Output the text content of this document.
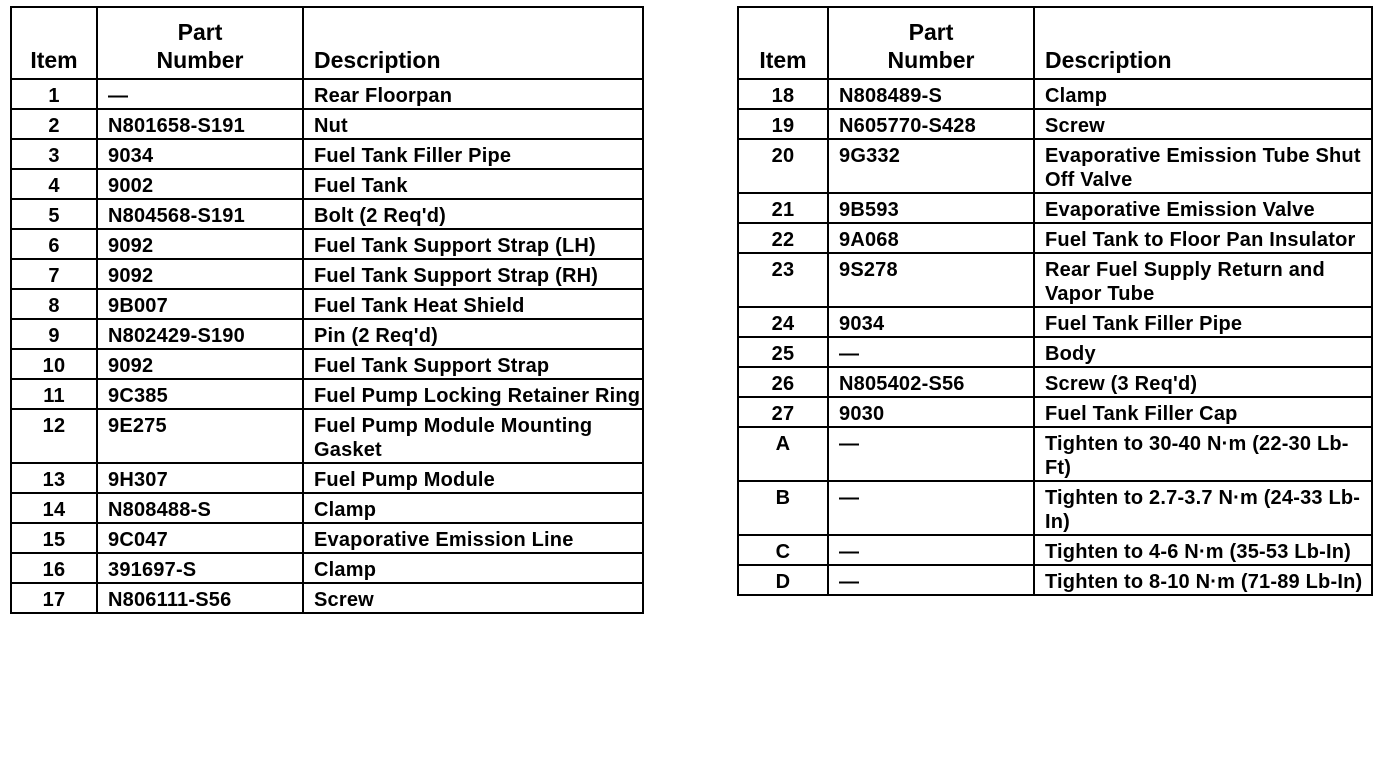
Item	Part
Number	Description
1	—	Rear Floorpan
2	N801658-S191	Nut
3	9034	Fuel Tank Filler Pipe
4	9002	Fuel Tank
5	N804568-S191	Bolt (2 Req'd)
6	9092	Fuel Tank Support Strap (LH)
7	9092	Fuel Tank Support Strap (RH)
8	9B007	Fuel Tank Heat Shield
9	N802429-S190	Pin (2 Req'd)
10	9092	Fuel Tank Support Strap
11	9C385	Fuel Pump Locking Retainer Ring
12	9E275	Fuel Pump Module Mounting Gasket
13	9H307	Fuel Pump Module
14	N808488-S	Clamp
15	9C047	Evaporative Emission Line
16	391697-S	Clamp
17	N806111-S56	Screw
Item	Part
Number	Description
18	N808489-S	Clamp
19	N605770-S428	Screw
20	9G332	Evaporative Emission Tube Shut Off Valve
21	9B593	Evaporative Emission Valve
22	9A068	Fuel Tank to Floor Pan Insulator
23	9S278	Rear Fuel Supply Return and Vapor Tube
24	9034	Fuel Tank Filler Pipe
25	—	Body
26	N805402-S56	Screw (3 Req'd)
27	9030	Fuel Tank Filler Cap
A	—	Tighten to 30-40 N·m (22-30 Lb-Ft)
B	—	Tighten to 2.7-3.7 N·m (24-33 Lb-In)
C	—	Tighten to 4-6 N·m (35-53 Lb-In)
D	—	Tighten to 8-10 N·m (71-89 Lb-In)
